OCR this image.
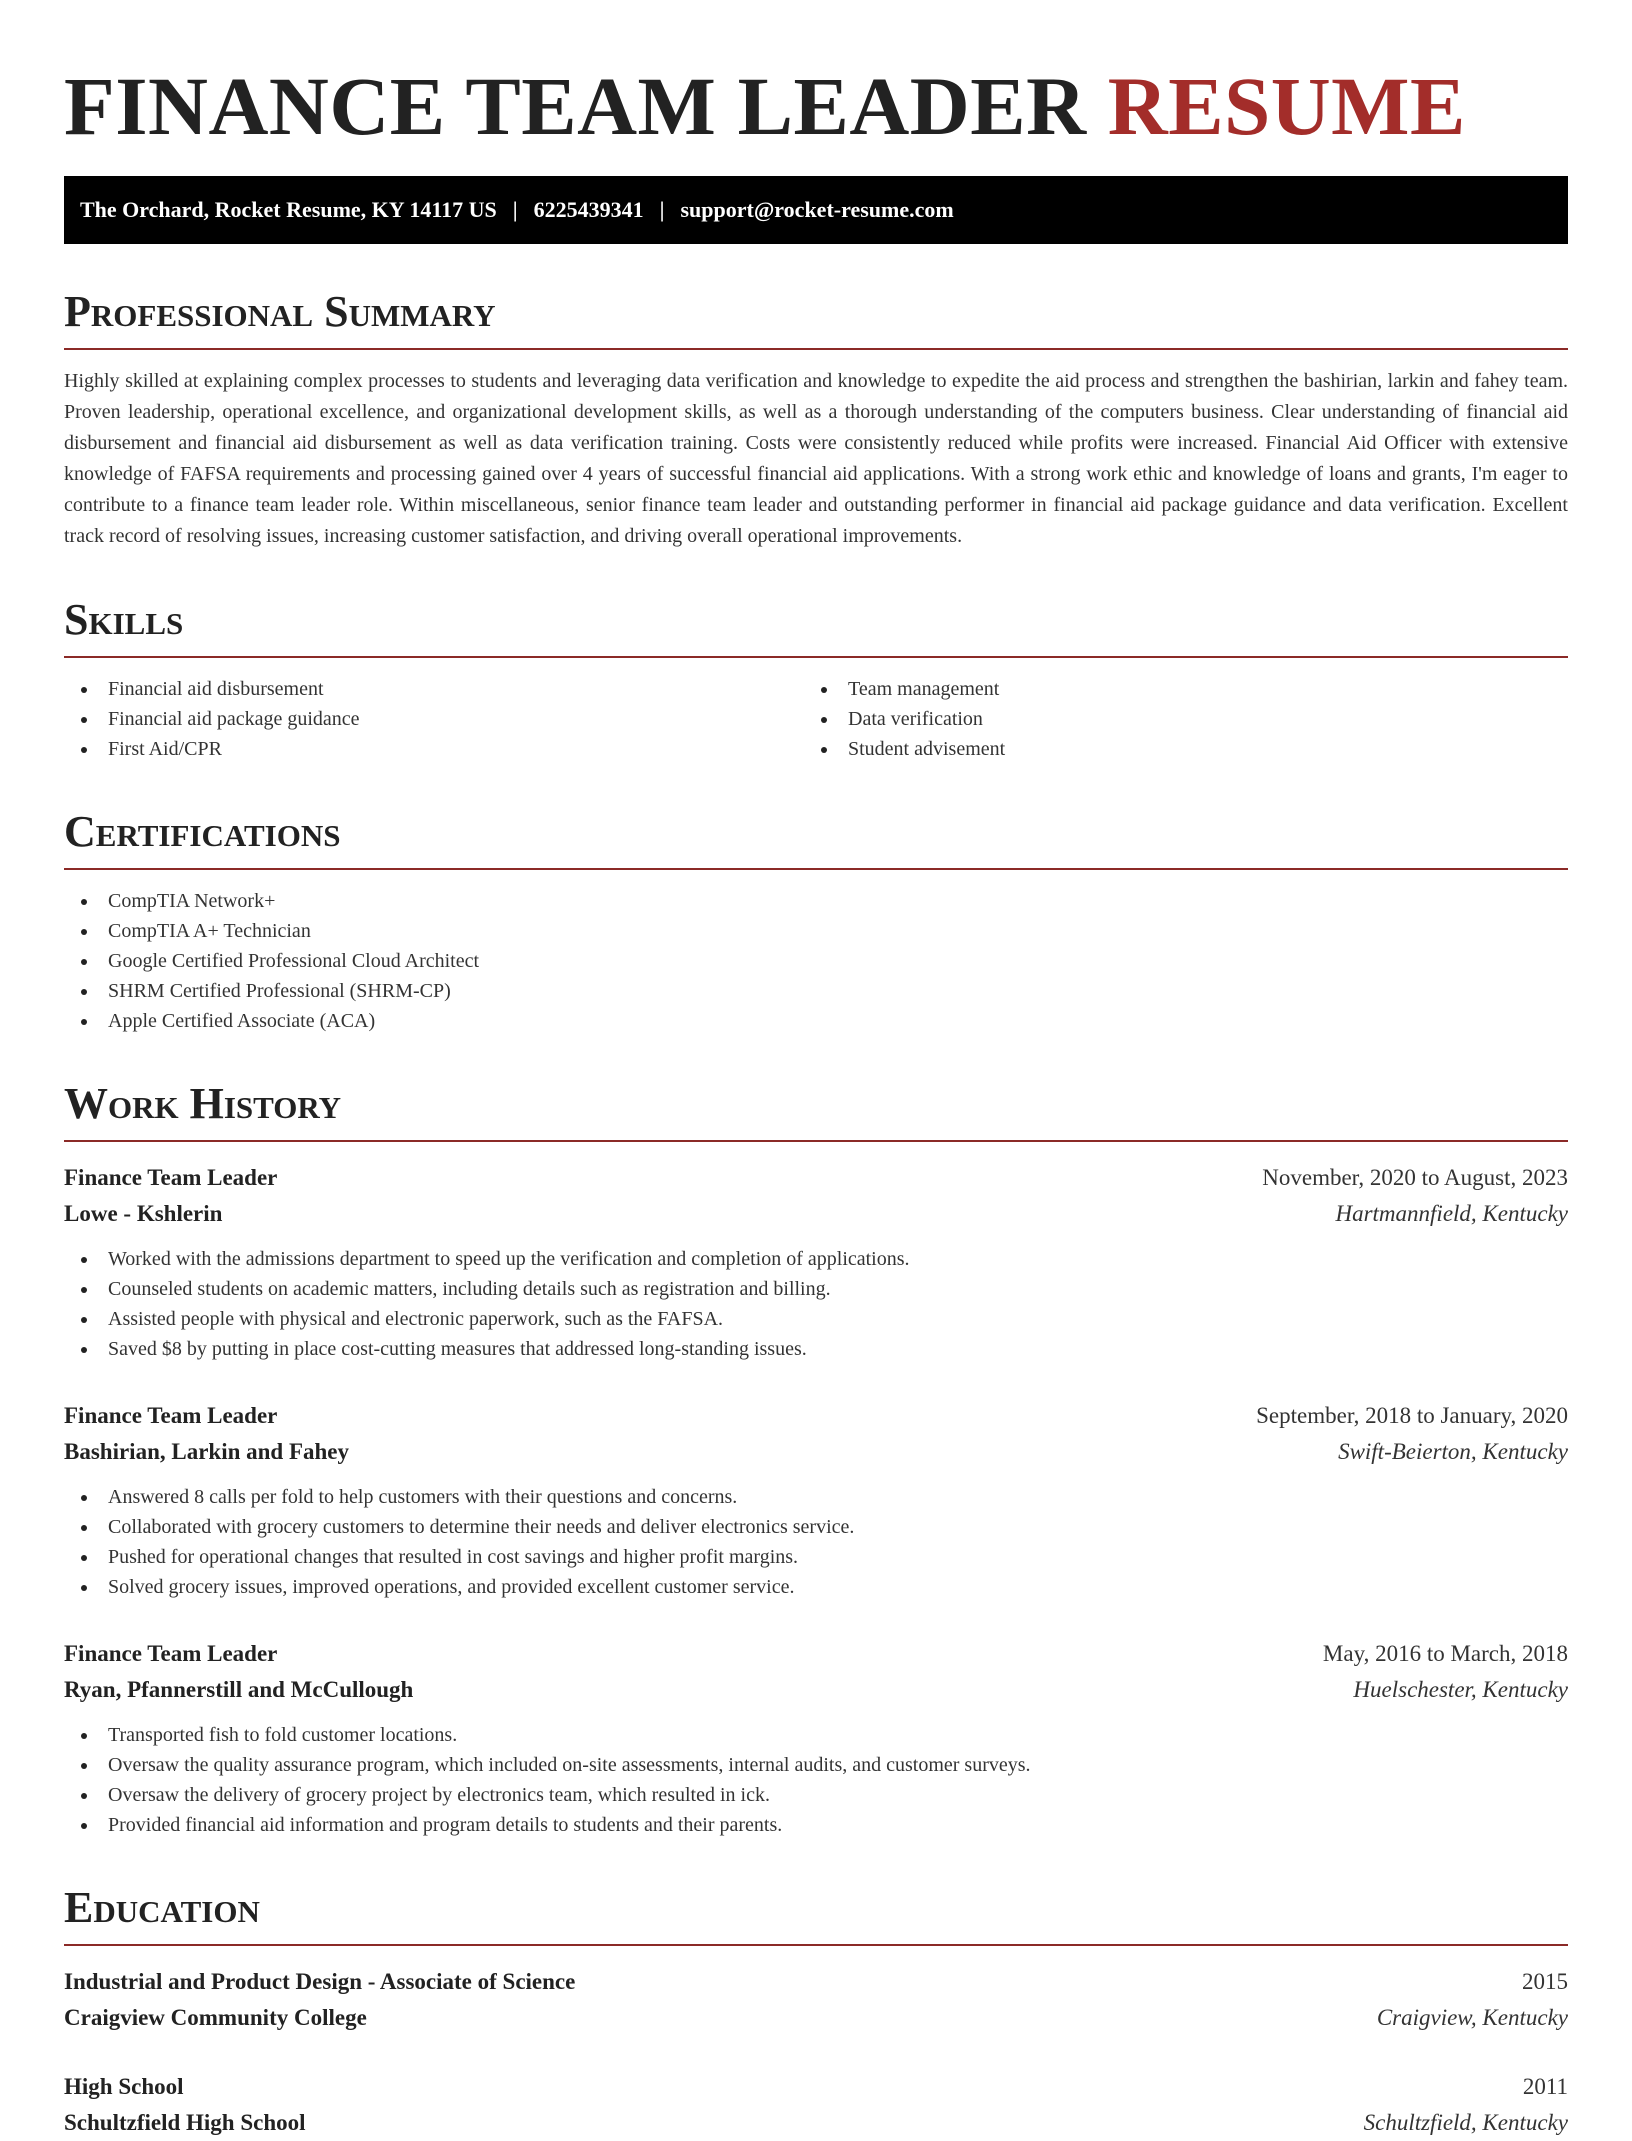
FINANCE TEAM LEADER RESUME
The Orchard, Rocket Resume, KY 14117 US | 6225439341 | support@rocket-resume.com
Professional Summary

Highly skilled at explaining complex processes to students and leveraging data verification and knowledge to expedite the aid process and strengthen the bashirian, larkin and fahey team. Proven leadership, operational excellence, and organizational development skills, as well as a thorough understanding of the computers business. Clear understanding of financial aid disbursement and financial aid disbursement as well as data verification training. Costs were consistently reduced while profits were increased. Financial Aid Officer with extensive knowledge of FAFSA requirements and processing gained over 4 years of successful financial aid applications. With a strong work ethic and knowledge of loans and grants, I'm eager to contribute to a finance team leader role. Within miscellaneous, senior finance team leader and outstanding performer in financial aid package guidance and data verification. Excellent track record of resolving issues, increasing customer satisfaction, and driving overall operational improvements.

Skills
Financial aid disbursement
Financial aid package guidance
First Aid/CPR
Team management
Data verification
Student advisement
Certifications
CompTIA Network+
CompTIA A+ Technician
Google Certified Professional Cloud Architect
SHRM Certified Professional (SHRM-CP)
Apple Certified Associate (ACA)
Work History
Finance Team Leader	November, 2020 to August, 2023
Lowe - Kshlerin	Hartmannfield, Kentucky
Worked with the admissions department to speed up the verification and completion of applications.
Counseled students on academic matters, including details such as registration and billing.
Assisted people with physical and electronic paperwork, such as the FAFSA.
Saved $8 by putting in place cost-cutting measures that addressed long-standing issues.
Finance Team Leader	September, 2018 to January, 2020
Bashirian, Larkin and Fahey	Swift-Beierton, Kentucky
Answered 8 calls per fold to help customers with their questions and concerns.
Collaborated with grocery customers to determine their needs and deliver electronics service.
Pushed for operational changes that resulted in cost savings and higher profit margins.
Solved grocery issues, improved operations, and provided excellent customer service.
Finance Team Leader	May, 2016 to March, 2018
Ryan, Pfannerstill and McCullough	Huelschester, Kentucky
Transported fish to fold customer locations.
Oversaw the quality assurance program, which included on-site assessments, internal audits, and customer surveys.
Oversaw the delivery of grocery project by electronics team, which resulted in ick.
Provided financial aid information and program details to students and their parents.
Education
Industrial and Product Design - Associate of Science	2015
Craigview Community College	Craigview, Kentucky
High School	2011
Schultzfield High School	Schultzfield, Kentucky
